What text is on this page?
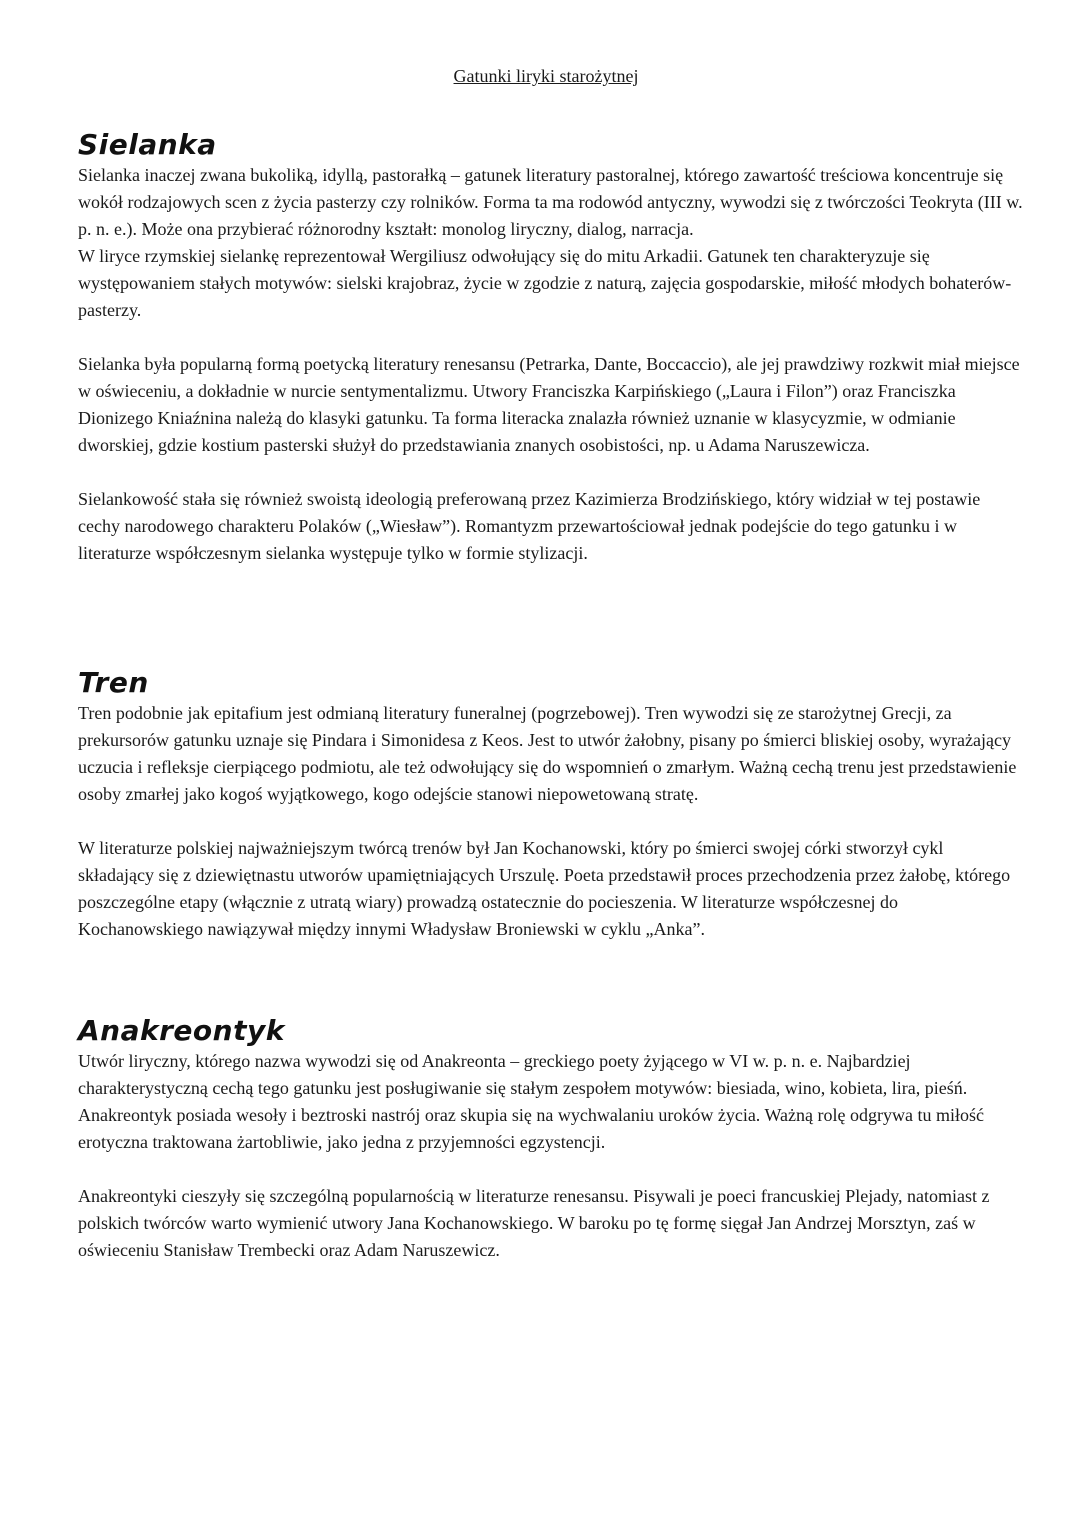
Gatunki liryki starożytnej
Sielanka

Sielanka inaczej zwana bukoliką, idyllą, pastorałką – gatunek literatury pastoralnej, którego zawartość treściowa koncentruje się wokół rodzajowych scen z życia pasterzy czy rolników. Forma ta ma rodowód antyczny, wywodzi się z twórczości Teokryta (III w. p. n. e.). Może ona przybierać różnorodny kształt: monolog liryczny, dialog, narracja.

W liryce rzymskiej sielankę reprezentował Wergiliusz odwołujący się do mitu Arkadii. Gatunek ten charakteryzuje się występowaniem stałych motywów: sielski krajobraz, życie w zgodzie z naturą, zajęcia gospodarskie, miłość młodych bohaterów-pasterzy.

Sielanka była popularną formą poetycką literatury renesansu (Petrarka, Dante, Boccaccio), ale jej prawdziwy rozkwit miał miejsce w oświeceniu, a dokładnie w nurcie sentymentalizmu. Utwory Franciszka Karpińskiego („Laura i Filon”) oraz Franciszka Dionizego Kniaźnina należą do klasyki gatunku. Ta forma literacka znalazła również uznanie w klasycyzmie, w odmianie dworskiej, gdzie kostium pasterski służył do przedstawiania znanych osobistości, np. u Adama Naruszewicza.

Sielankowość stała się również swoistą ideologią preferowaną przez Kazimierza Brodzińskiego, który widział w tej postawie cechy narodowego charakteru Polaków („Wiesław”). Romantyzm przewartościował jednak podejście do tego gatunku i w literaturze współczesnym sielanka występuje tylko w formie stylizacji.

Tren

Tren podobnie jak epitafium jest odmianą literatury funeralnej (pogrzebowej). Tren wywodzi się ze starożytnej Grecji, za prekursorów gatunku uznaje się Pindara i Simonidesa z Keos. Jest to utwór żałobny, pisany po śmierci bliskiej osoby, wyrażający uczucia i refleksje cierpiącego podmiotu, ale też odwołujący się do wspomnień o zmarłym. Ważną cechą trenu jest przedstawienie osoby zmarłej jako kogoś wyjątkowego, kogo odejście stanowi niepowetowaną stratę.

W literaturze polskiej najważniejszym twórcą trenów był Jan Kochanowski, który po śmierci swojej córki stworzył cykl składający się z dziewiętnastu utworów upamiętniających Urszulę. Poeta przedstawił proces przechodzenia przez żałobę, którego poszczególne etapy (włącznie z utratą wiary) prowadzą ostatecznie do pocieszenia. W literaturze współczesnej do Kochanowskiego nawiązywał między innymi Władysław Broniewski w cyklu „Anka”.

Anakreontyk

Utwór liryczny, którego nazwa wywodzi się od Anakreonta – greckiego poety żyjącego w VI w. p. n. e. Najbardziej charakterystyczną cechą tego gatunku jest posługiwanie się stałym zespołem motywów: biesiada, wino, kobieta, lira, pieśń. Anakreontyk posiada wesoły i beztroski nastrój oraz skupia się na wychwalaniu uroków życia. Ważną rolę odgrywa tu miłość erotyczna traktowana żartobliwie, jako jedna z przyjemności egzystencji.

Anakreontyki cieszyły się szczególną popularnością w literaturze renesansu. Pisywali je poeci francuskiej Plejady, natomiast z polskich twórców warto wymienić utwory Jana Kochanowskiego. W baroku po tę formę sięgał Jan Andrzej Morsztyn, zaś w oświeceniu Stanisław Trembecki oraz Adam Naruszewicz.
